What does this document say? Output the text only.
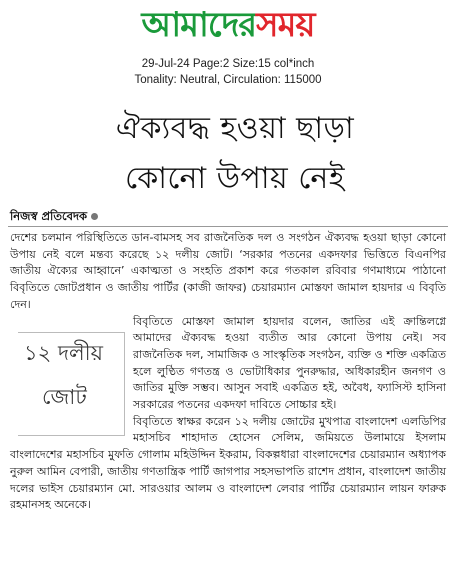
আমাদেরসময়
29-Jul-24 Page:2 Size:15 col*inch
Tonality: Neutral, Circulation: 115000
ঐক্যবদ্ধ হওয়া ছাড়া
কোনো উপায় নেই
নিজস্ব প্রতিবেদক

দেশের চলমান পরিস্থিতিতে ডান-বামসহ সব রাজনৈতিক দল ও সংগঠন ঐক্যবদ্ধ হওয়া ছাড়া কোনো উপায় নেই বলে মন্তব্য করেছে ১২ দলীয় জোট। ‘সরকার পতনের একদফার ভিত্তিতে বিএনপির জাতীয় ঐক্যের আহ্বানে’ একাত্মতা ও সংহতি প্রকাশ করে গতকাল রবিবার গণমাধ্যমে পাঠানো বিবৃতিতে জোটপ্রধান ও জাতীয় পার্টির (কাজী জাফর) চেয়ারম্যান মোস্তফা জামাল হায়দার এ বিবৃতি দেন।

১২ দলীয়
জোট

বিবৃতিতে মোস্তফা জামাল হায়দার বলেন, জাতির এই ক্রান্তিলগ্নে আমাদের ঐক্যবদ্ধ হওয়া ব্যতীত আর কোনো উপায় নেই। সব রাজনৈতিক দল, সামাজিক ও সাংস্কৃতিক সংগঠন, ব্যক্তি ও শক্তি একত্রিত হলে লুণ্ঠিত গণতন্ত্র ও ভোটাধিকার পুনরুদ্ধার, অধিকারহীন জনগণ ও জাতির মুক্তি সম্ভব। আসুন সবাই একত্রিত হই, অবৈধ, ফ্যাসিস্ট হাসিনা সরকারের পতনের একদফা দাবিতে সোচ্চার হই।

বিবৃতিতে স্বাক্ষর করেন ১২ দলীয় জোটের মুখপাত্র বাংলাদেশ এলডিপির মহাসচিব শাহাদাত হোসেন সেলিম, জমিয়তে উলামায়ে ইসলাম বাংলাদেশের মহাসচিব মুফতি গোলাম মহিউদ্দিন ইকরাম, বিকল্পধারা বাংলাদেশের চেয়ারম্যান অধ্যাপক নুরুল আমিন বেপারী, জাতীয় গণতান্ত্রিক পার্টি জাগপার সহসভাপতি রাশেদ প্রধান, বাংলাদেশ জাতীয় দলের ভাইস চেয়ারম্যান মো. সারওয়ার আলম ও বাংলাদেশ লেবার পার্টির চেয়ারম্যান লায়ন ফারুক রহমানসহ অনেকে।
